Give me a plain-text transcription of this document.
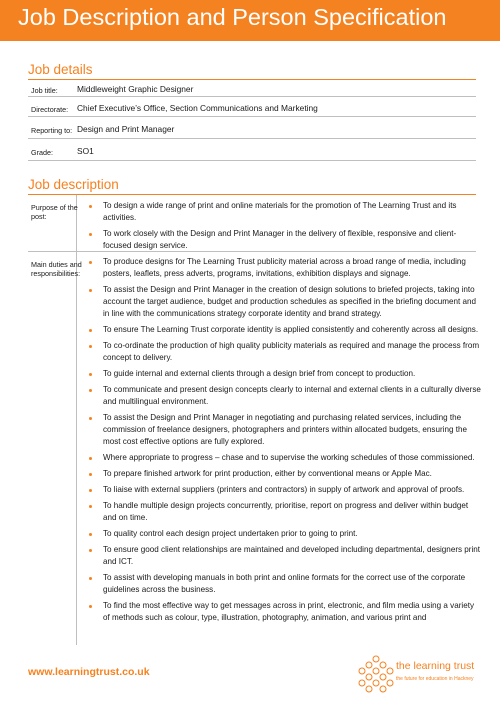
Job Description and Person Specification
Job details
Job title: Middleweight Graphic Designer
Directorate: Chief Executive’s Office, Section Communications and Marketing
Reporting to: Design and Print Manager
Grade:	SO1
Job description
Purpose of the
post:
To design a wide range of print and online materials for the promotion of The Learning Trust and its activities.
To work closely with the Design and Print Manager in the delivery of flexible, responsive and client-focused design service.
Main duties and
responsibilities:
To produce designs for The Learning Trust publicity material across a broad range of media, including posters, leaflets, press adverts, programs, invitations, exhibition displays and signage.
To assist the Design and Print Manager in the creation of design solutions to briefed projects, taking into account the target audience, budget and production schedules as specified in the briefing document and in line with the communications strategy corporate identity and brand strategy.
To ensure The Learning Trust corporate identity is applied consistently and coherently across all designs.
To co-ordinate the production of high quality publicity materials as required and manage the process from concept to delivery.
To guide internal and external clients through a design brief from concept to production.
To communicate and present design concepts clearly to internal and external clients in a culturally diverse and multilingual environment.
To assist the Design and Print Manager in negotiating and purchasing related services, including the commission of freelance designers, photographers and printers within allocated budgets, ensuring the most cost effective options are fully explored.
Where appropriate to progress – chase and to supervise the working schedules of those commissioned.
To prepare finished artwork for print production, either by conventional means or Apple Mac.
To liaise with external suppliers (printers and contractors) in supply of artwork and approval of proofs.
To handle multiple design projects concurrently, prioritise, report on progress and deliver within budget and on time.
To quality control each design project undertaken prior to going to print.
To ensure good client relationships are maintained and developed including departmental, designers print and ICT.
To assist with developing manuals in both print and online formats for the correct use of the corporate guidelines across the business.
To find the most effective way to get messages across in print, electronic, and film media using a variety of methods such as colour, type, illustration, photography, animation, and various print and
www.learningtrust.co.uk	the learning trust
the future for education in Hackney
